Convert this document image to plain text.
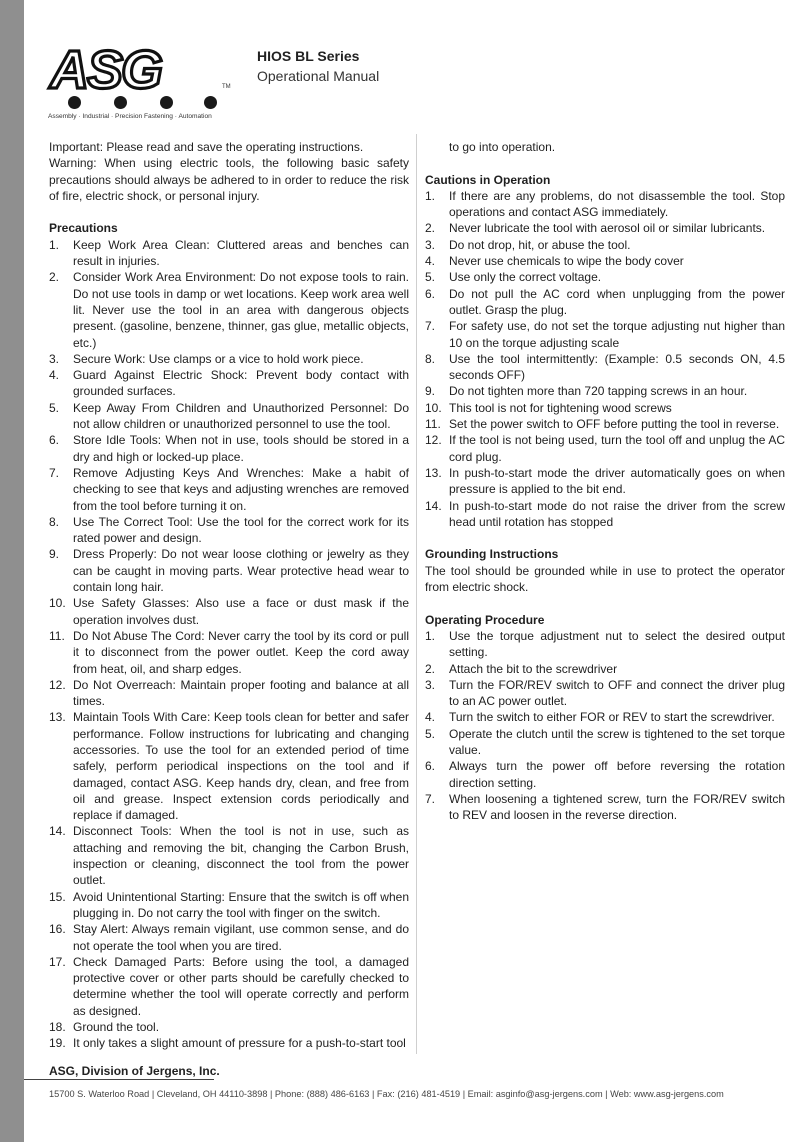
ASG	TM
Assembly · Industrial · Precision Fastening · Automation
HIOS BL Series
Operational Manual

Important: Please read and save the operating instructions.

Warning: When using electric tools, the following basic safety precautions should always be adhered to in order to reduce the risk of fire, electric shock, or personal injury.

Precautions

1. Keep Work Area Clean: Cluttered areas and benches can result in injuries.
2. Consider Work Area Environment: Do not expose tools to rain. Do not use tools in damp or wet locations. Keep work area well lit. Never use the tool in an area with dangerous objects present. (gasoline, benzene, thinner, gas glue, metallic objects, etc.)
3. Secure Work: Use clamps or a vice to hold work piece.
4. Guard Against Electric Shock: Prevent body contact with grounded surfaces.
5. Keep Away From Children and Unauthorized Personnel: Do not allow children or unauthorized personnel to use the tool.
6. Store Idle Tools: When not in use, tools should be stored in a dry and high or locked-up place.
7. Remove Adjusting Keys And Wrenches: Make a habit of checking to see that keys and adjusting wrenches are removed from the tool before turning it on.
8. Use The Correct Tool: Use the tool for the correct work for its rated power and design.
9. Dress Properly: Do not wear loose clothing or jewelry as they can be caught in moving parts. Wear protective head wear to contain long hair.
10. Use Safety Glasses: Also use a face or dust mask if the operation involves dust.
11. Do Not Abuse The Cord: Never carry the tool by its cord or pull it to disconnect from the power outlet. Keep the cord away from heat, oil, and sharp edges.
12. Do Not Overreach: Maintain proper footing and balance at all times.
13. Maintain Tools With Care: Keep tools clean for better and safer performance. Follow instructions for lubricating and changing accessories. To use the tool for an extended period of time safely, perform periodical inspections on the tool and if damaged, contact ASG. Keep hands dry, clean, and free from oil and grease. Inspect extension cords periodically and replace if damaged.
14. Disconnect Tools: When the tool is not in use, such as attaching and removing the bit, changing the Carbon Brush, inspection or cleaning, disconnect the tool from the power outlet.
15. Avoid Unintentional Starting: Ensure that the switch is off when plugging in. Do not carry the tool with finger on the switch.
16. Stay Alert: Always remain vigilant, use common sense, and do not operate the tool when you are tired.
17. Check Damaged Parts: Before using the tool, a damaged protective cover or other parts should be carefully checked to determine whether the tool will operate correctly and perform as designed.
18. Ground the tool.
19. It only takes a slight amount of pressure for a push-to-start tool

to go into operation.

Cautions in Operation

1. If there are any problems, do not disassemble the tool. Stop operations and contact ASG immediately.
2. Never lubricate the tool with aerosol oil or similar lubricants.
3. Do not drop, hit, or abuse the tool.
4. Never use chemicals to wipe the body cover
5. Use only the correct voltage.
6. Do not pull the AC cord when unplugging from the power outlet. Grasp the plug.
7. For safety use, do not set the torque adjusting nut higher than 10 on the torque adjusting scale
8. Use the tool intermittently: (Example: 0.5 seconds ON, 4.5 seconds OFF)
9. Do not tighten more than 720 tapping screws in an hour.
10. This tool is not for tightening wood screws
11. Set the power switch to OFF before putting the tool in reverse.
12. If the tool is not being used, turn the tool off and unplug the AC cord plug.
13. In push-to-start mode the driver automatically goes on when pressure is applied to the bit end.
14. In push-to-start mode do not raise the driver from the screw head until rotation has stopped

Grounding Instructions

The tool should be grounded while in use to protect the operator from electric shock.

Operating Procedure

1. Use the torque adjustment nut to select the desired output setting.
2. Attach the bit to the screwdriver
3. Turn the FOR/REV switch to OFF and connect the driver plug to an AC power outlet.
4. Turn the switch to either FOR or REV to start the screwdriver.
5. Operate the clutch until the screw is tightened to the set torque value.
6. Always turn the power off before reversing the rotation direction setting.
7. When loosening a tightened screw, turn the FOR/REV switch to REV and loosen in the reverse direction.
ASG, Division of Jergens, Inc.
15700 S. Waterloo Road | Cleveland, OH 44110-3898 | Phone: (888) 486-6163 | Fax: (216) 481-4519 | Email: asginfo@asg-jergens.com | Web: www.asg-jergens.com
